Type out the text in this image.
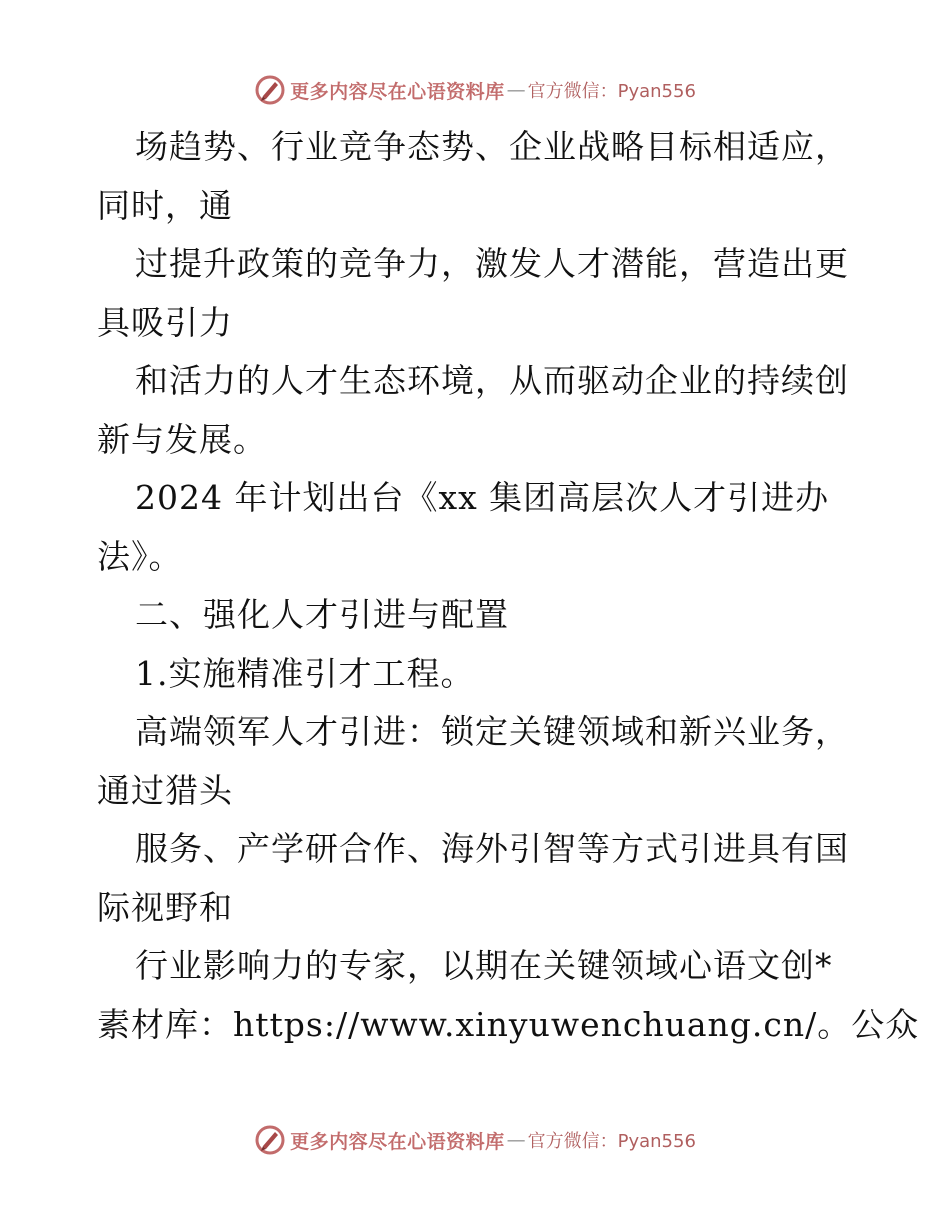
更多内容尽在心语资料库 — 官方微信：Pyan556
场趋势、行业竞争态势、企业战略目标相适应，
同时，通
过提升政策的竞争力，激发人才潜能，营造出更
具吸引力
和活力的人才生态环境，从而驱动企业的持续创
新与发展。
2024 年计划出台《xx 集团高层次人才引进办
法》。
二、强化人才引进与配置
1.实施精准引才工程。
高端领军人才引进：锁定关键领域和新兴业务，
通过猎头
服务、产学研合作、海外引智等方式引进具有国
际视野和
行业影响力的专家，以期在关键领域心语文创*
素材库：https://www.xinyuwenchuang.cn/。公众
更多内容尽在心语资料库 — 官方微信：Pyan556
